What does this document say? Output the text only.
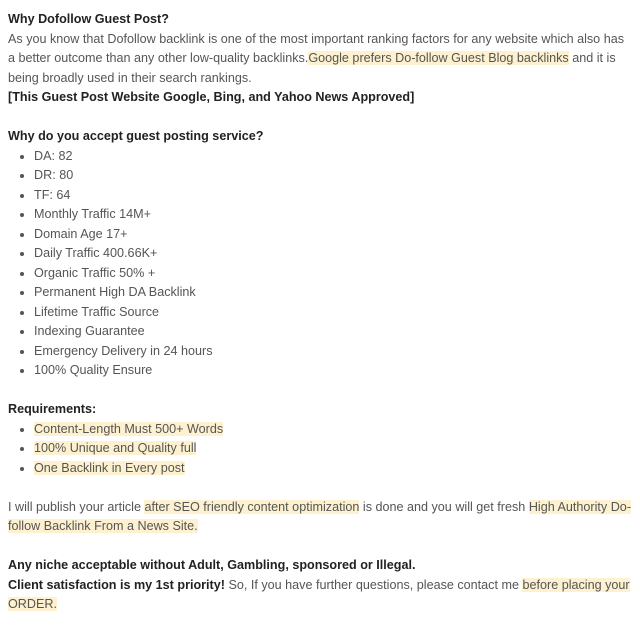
Why Dofollow Guest Post?

As you know that Dofollow backlink is one of the most important ranking factors for any website which also has a better outcome than any other low-quality backlinks.Google prefers Do-follow Guest Blog backlinks and it is being broadly used in their search rankings.

[This Guest Post Website Google, Bing, and Yahoo News Approved]

Why do you accept guest posting service?

• DA: 82
• DR: 80
• TF: 64
• Monthly Traffic 14M+
• Domain Age 17+
• Daily Traffic 400.66K+
• Organic Traffic 50% +
• Permanent High DA Backlink
• Lifetime Traffic Source
• Indexing Guarantee
• Emergency Delivery in 24 hours
• 100% Quality Ensure

Requirements:

• Content-Length Must 500+ Words
• 100% Unique and Quality full
• One Backlink in Every post

I will publish your article after SEO friendly content optimization is done and you will get fresh High Authority Do-follow Backlink From a News Site.

Any niche acceptable without Adult, Gambling, sponsored or Illegal.

Client satisfaction is my 1st priority! So, If you have further questions, please contact me before placing your ORDER.
